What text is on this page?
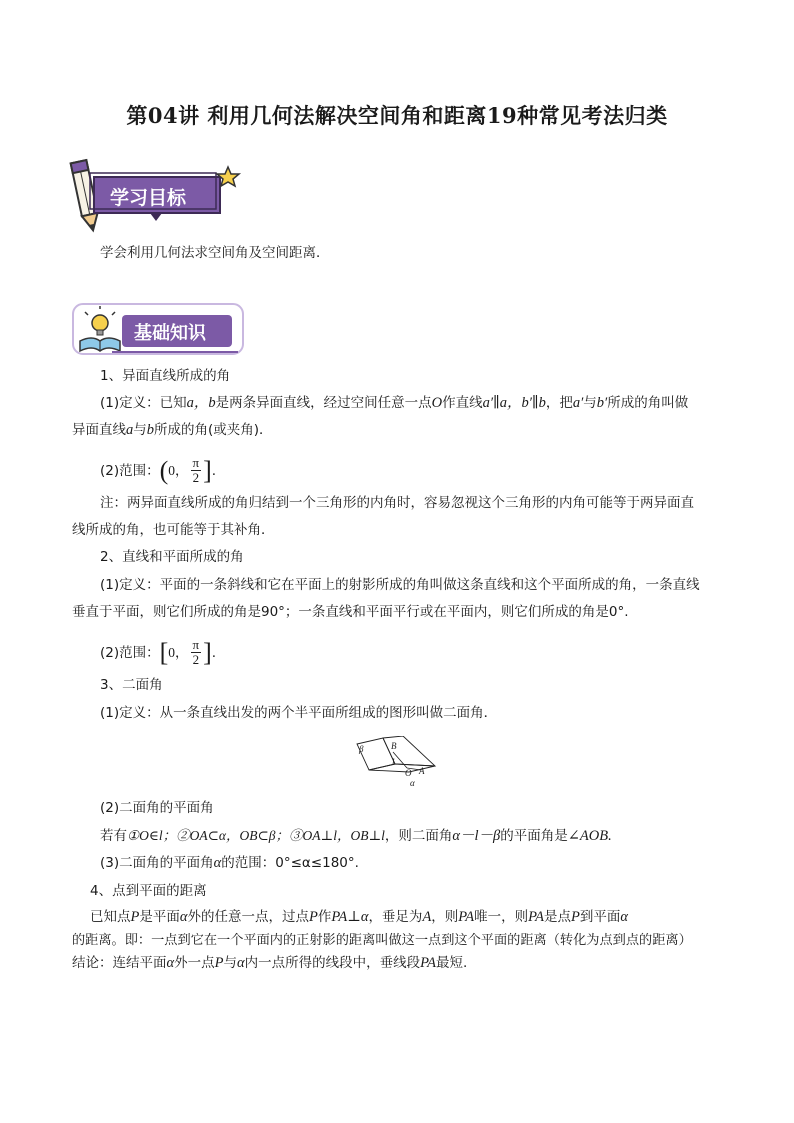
第04讲 利用几何法解决空间角和距离19种常见考法归类
学习目标
学会利用几何法求空间角及空间距离．
基础知识
1、异面直线所成的角
(1)定义：已知a，b是两条异面直线，经过空间任意一点O作直线a′∥a，b′∥b，把a′与b′所成的角叫做
异面直线a与b所成的角(或夹角)．
(2)范围： ( 0， $\frac{\pi}{2}$ ] .
注：两异面直线所成的角归结到一个三角形的内角时，容易忽视这个三角形的内角可能等于两异面直
线所成的角，也可能等于其补角．
2、直线和平面所成的角
(1)定义：平面的一条斜线和它在平面上的射影所成的角叫做这条直线和这个平面所成的角，一条直线
垂直于平面，则它们所成的角是90°；一条直线和平面平行或在平面内，则它们所成的角是0°.
(2)范围： [ 0， $\frac{\pi}{2}$ ] .
3、二面角
(1)定义：从一条直线出发的两个半平面所组成的图形叫做二面角．
β	B
l
O A
α
(2)二面角的平面角
若有①O∈l；②OA⊂α，OB⊂β；③OA⊥l，OB⊥l，则二面角α－l－β的平面角是∠AOB.
(3)二面角的平面角α的范围：0°≤α≤180°.
4、点到平面的距离
已知点P是平面α外的任意一点，过点P作PA⊥α，垂足为A，则PA唯一，则PA是点P到平面α
的距离。即：一点到它在一个平面内的正射影的距离叫做这一点到这个平面的距离（转化为点到点的距离）
结论：连结平面α外一点P与α内一点所得的线段中，垂线段PA最短.
